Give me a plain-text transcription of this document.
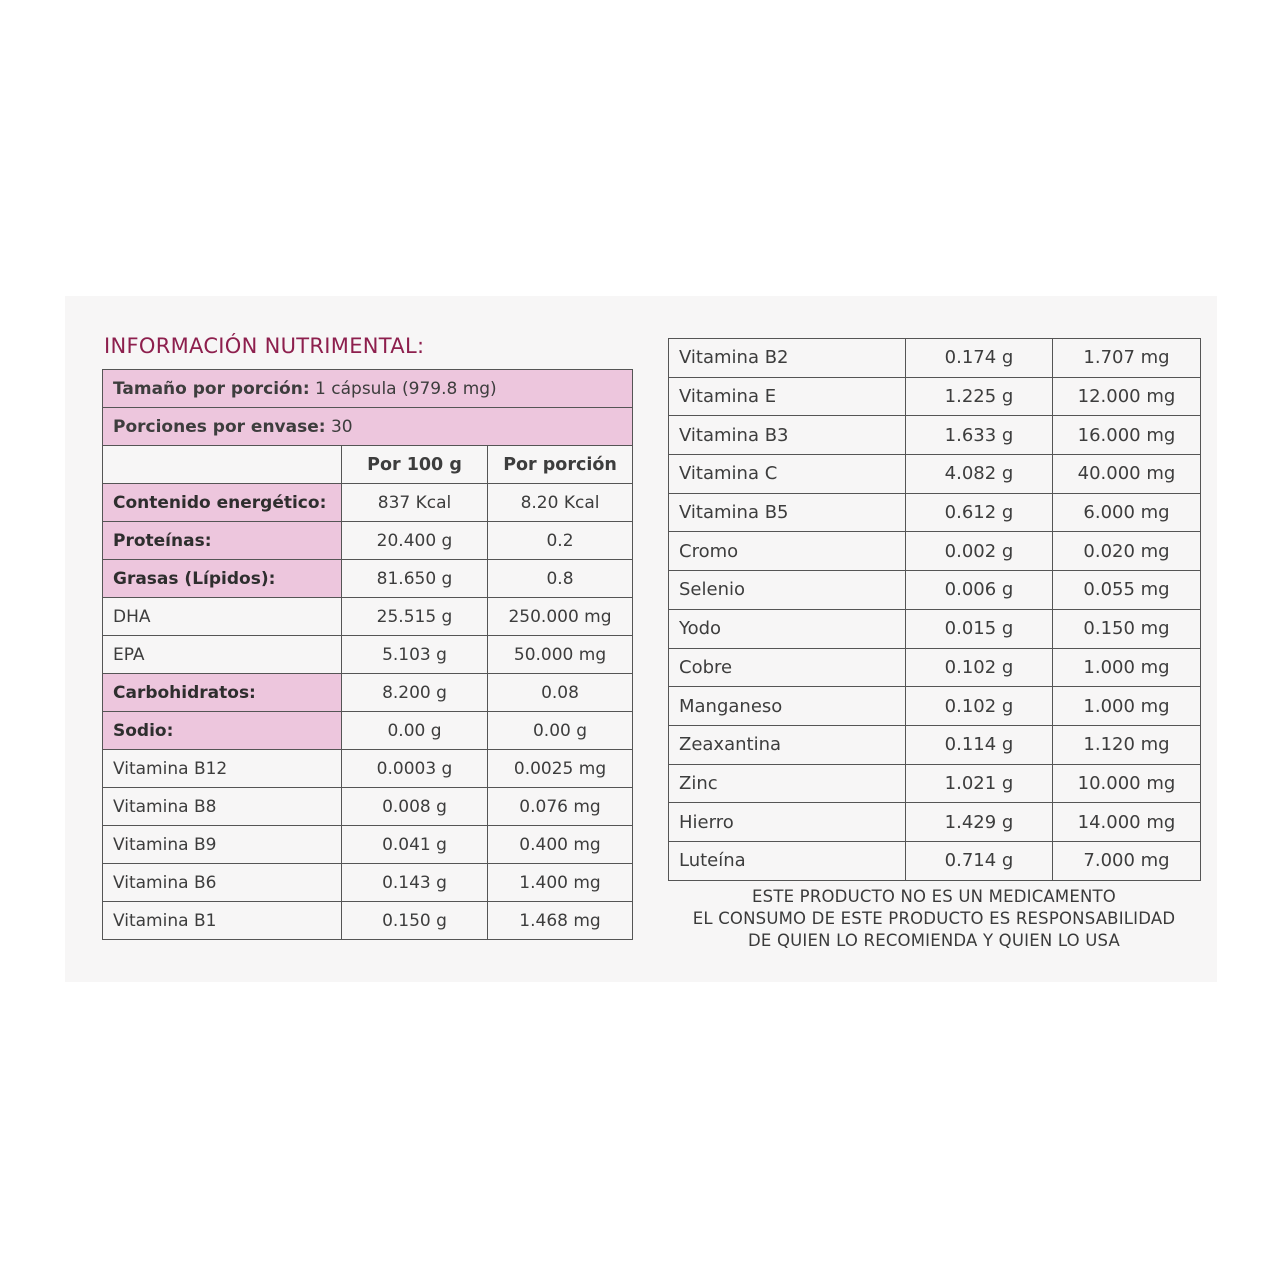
INFORMACIÓN NUTRIMENTAL:
Tamaño por porción: 1 cápsula (979.8 mg)		
Porciones por envase: 30		
	Por 100 g	Por porción
Contenido energético:	837 Kcal	8.20 Kcal
Proteínas:	20.400 g	0.2
Grasas (Lípidos):	81.650 g	0.8
DHA	25.515 g	250.000 mg
EPA	5.103 g	50.000 mg
Carbohidratos:	8.200 g	0.08
Sodio:	0.00 g	0.00 g
Vitamina B12	0.0003 g	0.0025 mg
Vitamina B8	0.008 g	0.076 mg
Vitamina B9	0.041 g	0.400 mg
Vitamina B6	0.143 g	1.400 mg
Vitamina B1	0.150 g	1.468 mg
Vitamina B2	0.174 g	1.707 mg
Vitamina E	1.225 g	12.000 mg
Vitamina B3	1.633 g	16.000 mg
Vitamina C	4.082 g	40.000 mg
Vitamina B5	0.612 g	6.000 mg
Cromo	0.002 g	0.020 mg
Selenio	0.006 g	0.055 mg
Yodo	0.015 g	0.150 mg
Cobre	0.102 g	1.000 mg
Manganeso	0.102 g	1.000 mg
Zeaxantina	0.114 g	1.120 mg
Zinc	1.021 g	10.000 mg
Hierro	1.429 g	14.000 mg
Luteína	0.714 g	7.000 mg
ESTE PRODUCTO NO ES UN MEDICAMENTO
EL CONSUMO DE ESTE PRODUCTO ES RESPONSABILIDAD
DE QUIEN LO RECOMIENDA Y QUIEN LO USA
